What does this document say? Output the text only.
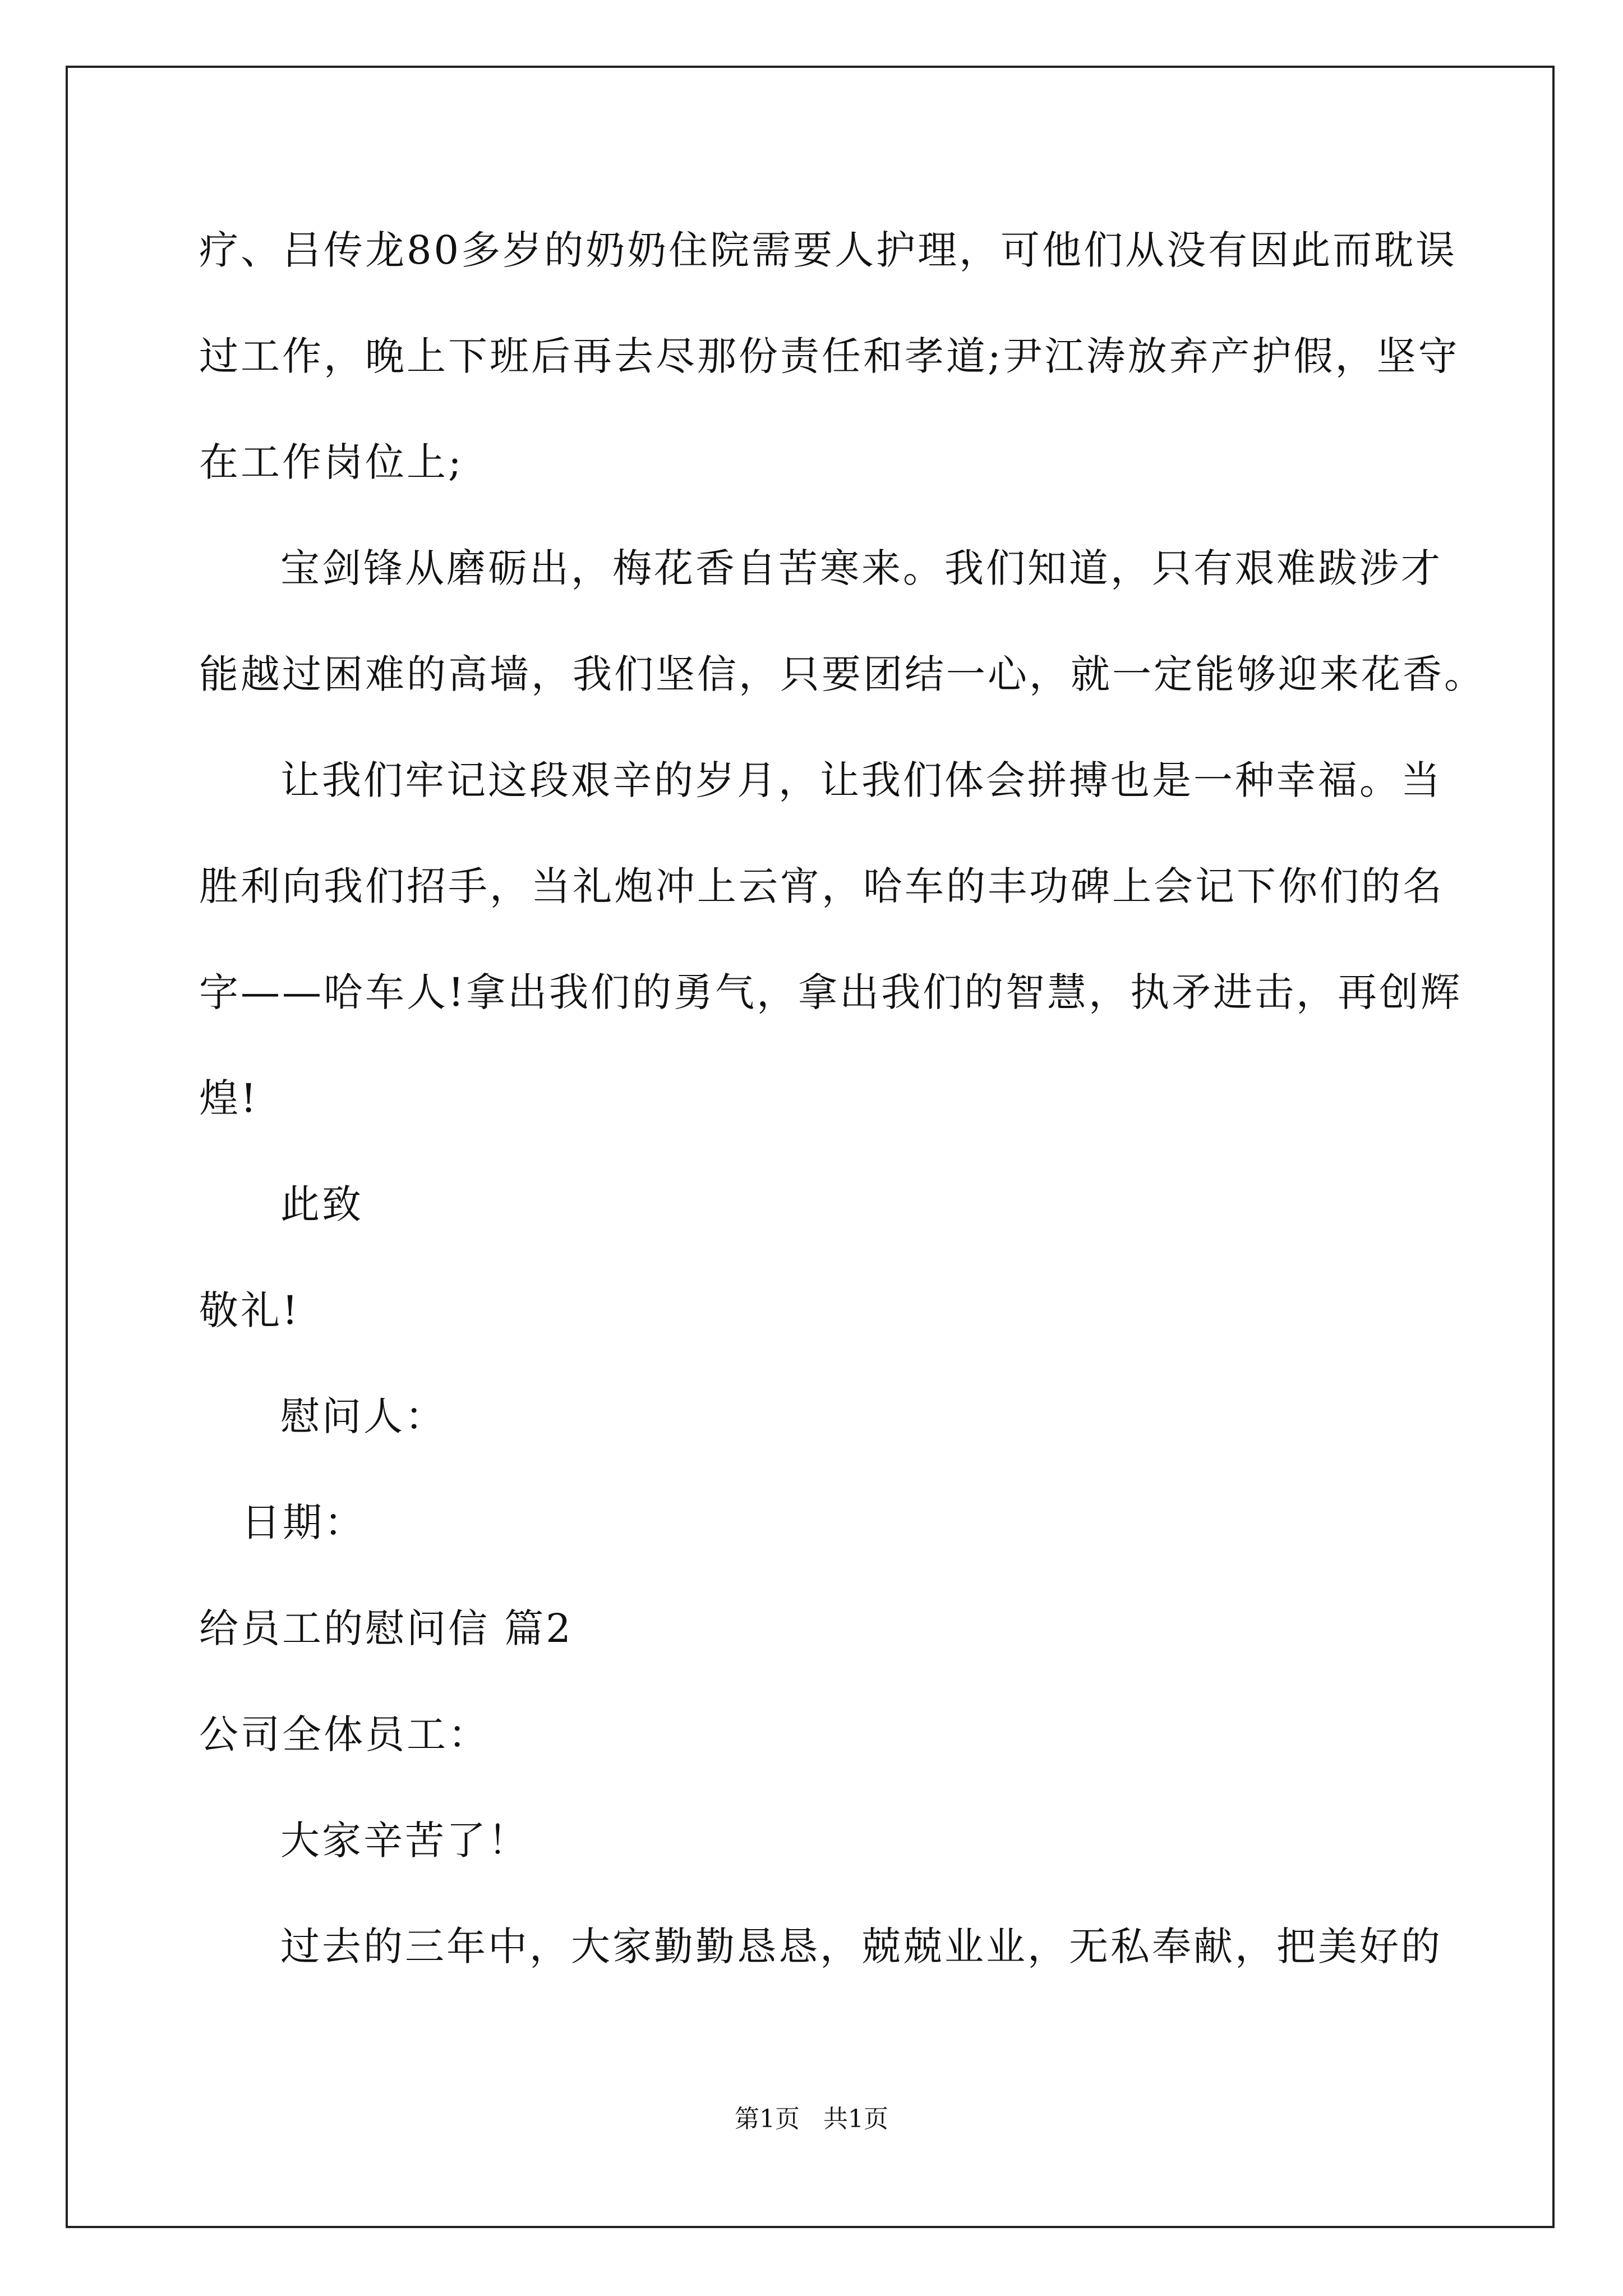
疗、吕传龙80多岁的奶奶住院需要人护理，可他们从没有因此而耽误
过工作，晚上下班后再去尽那份责任和孝道;尹江涛放弃产护假，坚守
在工作岗位上;
宝剑锋从磨砺出，梅花香自苦寒来。我们知道，只有艰难跋涉才
能越过困难的高墙，我们坚信，只要团结一心，就一定能够迎来花香。
让我们牢记这段艰辛的岁月，让我们体会拼搏也是一种幸福。当
胜利向我们招手，当礼炮冲上云宵，哈车的丰功碑上会记下你们的名
字——哈车人!拿出我们的勇气，拿出我们的智慧，执矛进击，再创辉
煌!
此致
敬礼!
慰问人：
日期：
给员工的慰问信 篇2
公司全体员工：
大家辛苦了！
过去的三年中，大家勤勤恳恳，兢兢业业，无私奉献，把美好的
第1页   共1页
